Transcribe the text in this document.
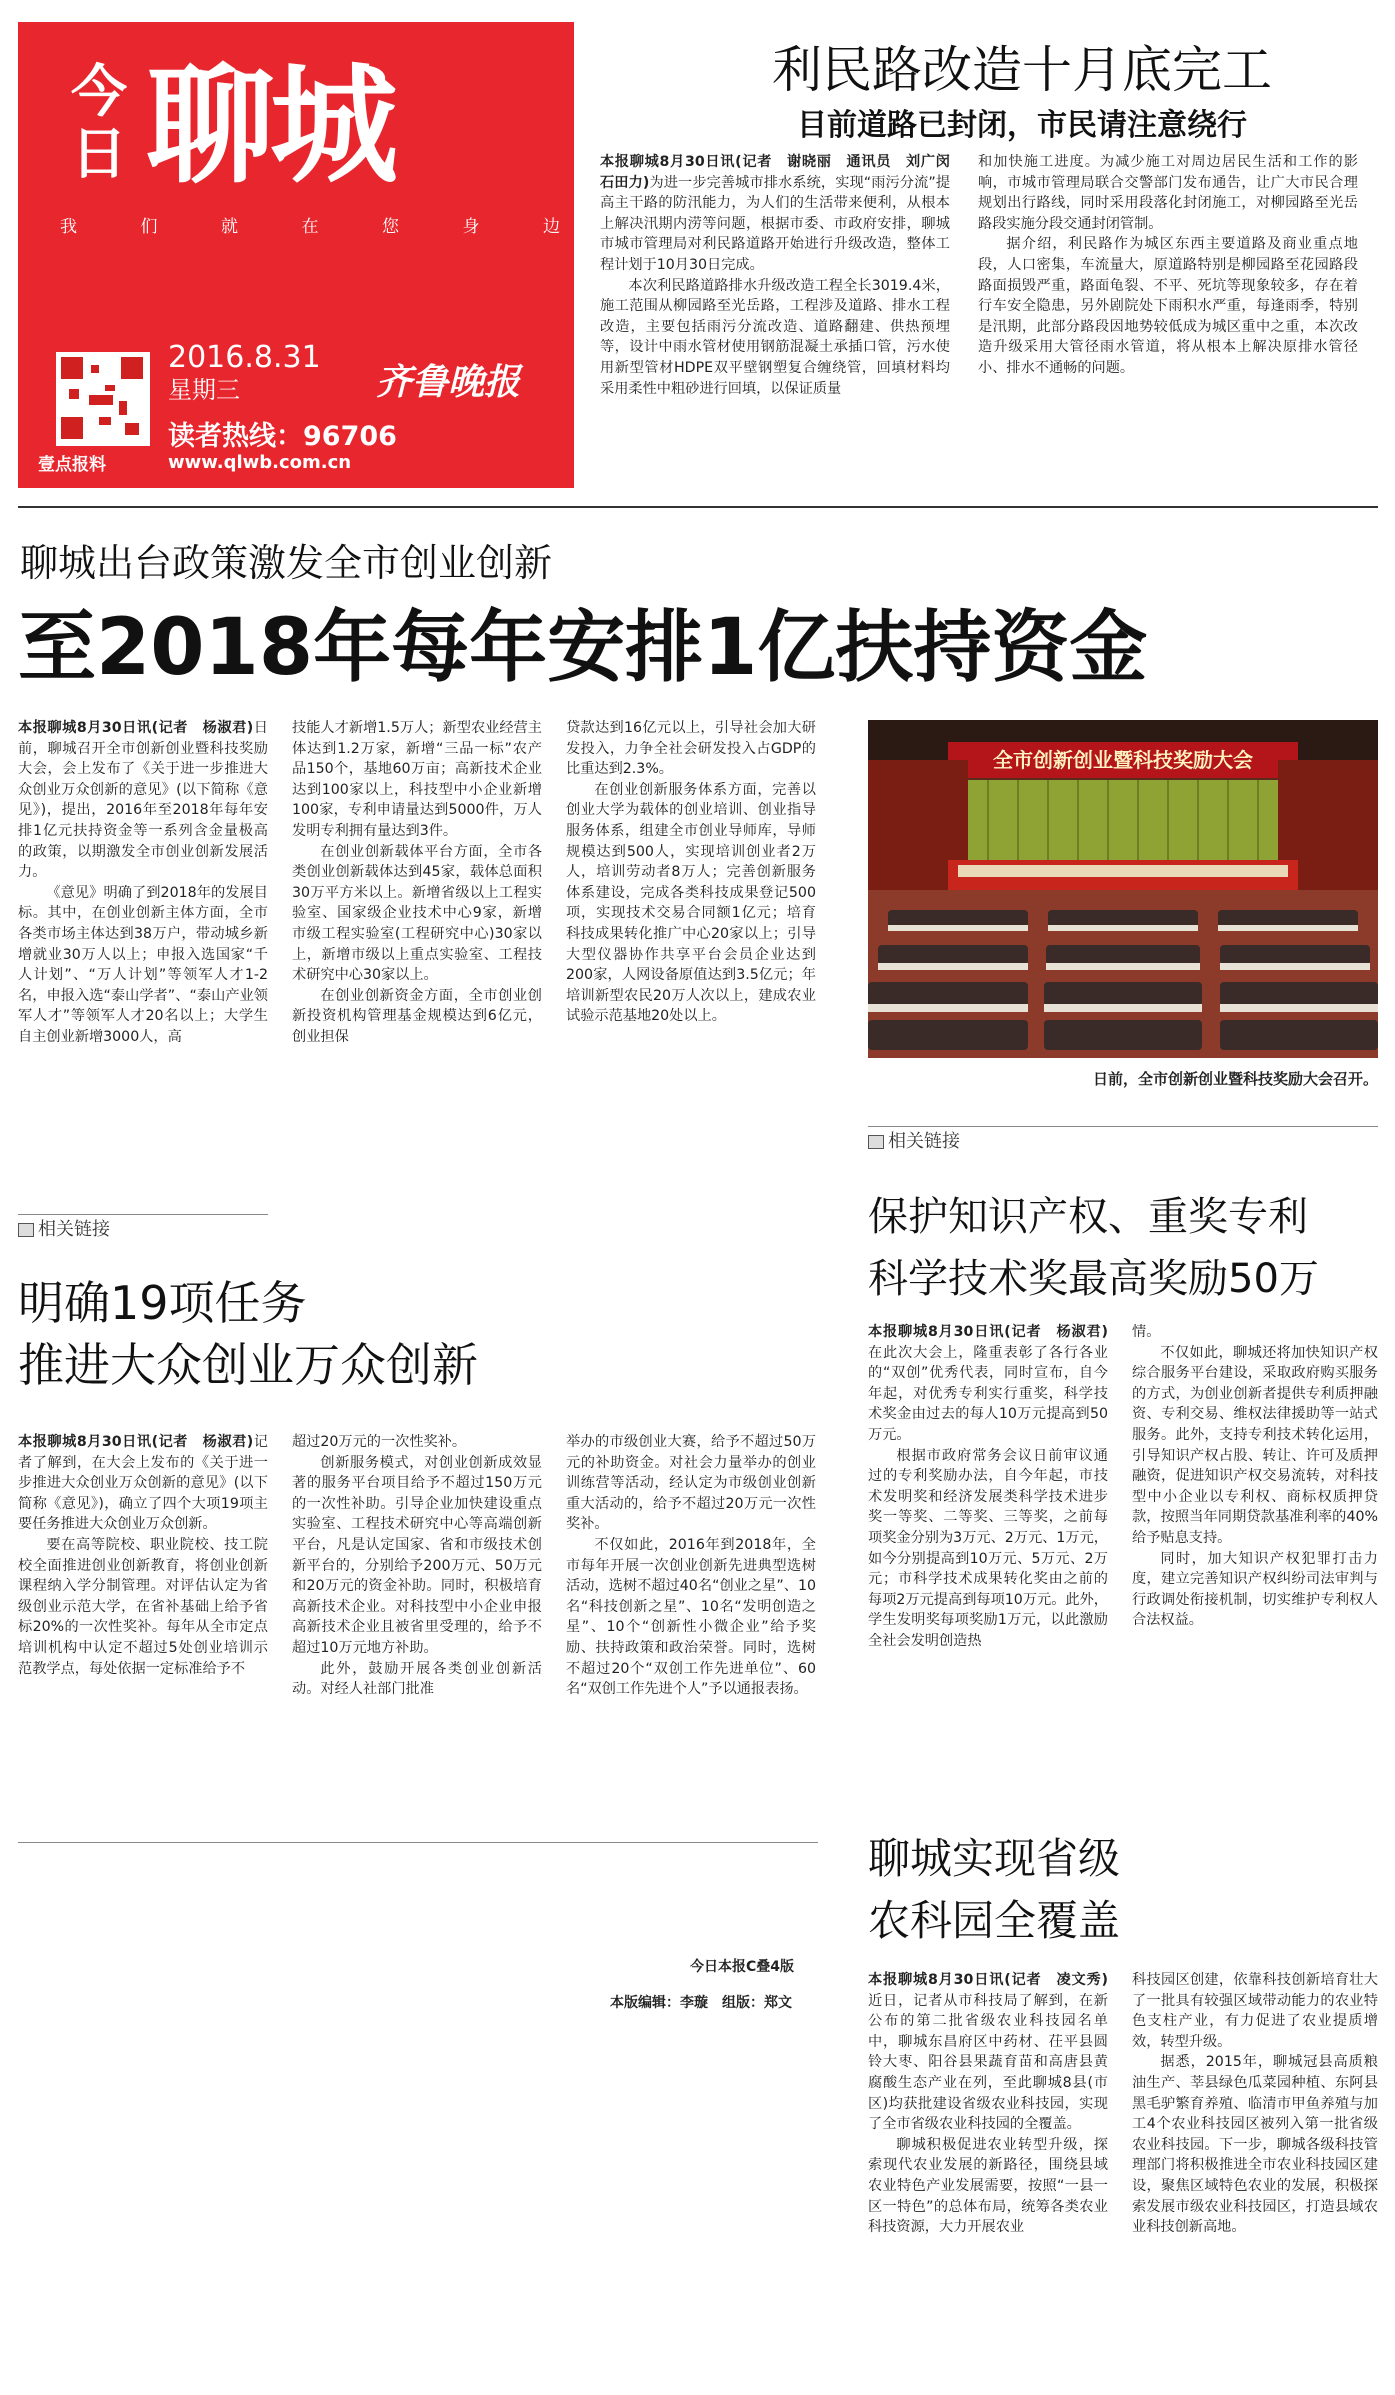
今日 聊城
我	们	就	在	您	身	边
壹点报料
2016.8.31
星期三	齐鲁晚报
读者热线：96706
www.qlwb.com.cn
利民路改造十月底完工
目前道路已封闭，市民请注意绕行

本报聊城8月30日讯(记者　谢晓丽　通讯员　刘广闵　石田力)为进一步完善城市排水系统，实现“雨污分流”提高主干路的防汛能力，为人们的生活带来便利，从根本上解决汛期内涝等问题，根据市委、市政府安排，聊城市城市管理局对利民路道路开始进行升级改造，整体工程计划于10月30日完成。

本次利民路道路排水升级改造工程全长3019.4米，施工范围从柳园路至光岳路，工程涉及道路、排水工程改造，主要包括雨污分流改造、道路翻建、供热预埋等，设计中雨水管材使用钢筋混凝土承插口管，污水使用新型管材HDPE双平壁钢塑复合缠绕管，回填材料均采用柔性中粗砂进行回填，以保证质量

和加快施工进度。为减少施工对周边居民生活和工作的影响，市城市管理局联合交警部门发布通告，让广大市民合理规划出行路线，同时采用段落化封闭施工，对柳园路至光岳路段实施分段交通封闭管制。

据介绍，利民路作为城区东西主要道路及商业重点地段，人口密集，车流量大，原道路特别是柳园路至花园路段路面损毁严重，路面龟裂、不平、死坑等现象较多，存在着行车安全隐患，另外剧院处下雨积水严重，每逢雨季，特别是汛期，此部分路段因地势较低成为城区重中之重，本次改造升级采用大管径雨水管道，将从根本上解决原排水管径小、排水不通畅的问题。

聊城出台政策激发全市创业创新
至2018年每年安排1亿扶持资金

本报聊城8月30日讯(记者　杨淑君)日前，聊城召开全市创新创业暨科技奖励大会，会上发布了《关于进一步推进大众创业万众创新的意见》(以下简称《意见》)，提出，2016年至2018年每年安排1亿元扶持资金等一系列含金量极高的政策，以期激发全市创业创新发展活力。

《意见》明确了到2018年的发展目标。其中，在创业创新主体方面，全市各类市场主体达到38万户，带动城乡新增就业30万人以上；申报入选国家“千人计划”、“万人计划”等领军人才1-2名，申报入选“泰山学者”、“泰山产业领军人才”等领军人才20名以上；大学生自主创业新增3000人，高

技能人才新增1.5万人；新型农业经营主体达到1.2万家，新增“三品一标”农产品150个，基地60万亩；高新技术企业达到100家以上，科技型中小企业新增100家，专利申请量达到5000件，万人发明专利拥有量达到3件。

在创业创新载体平台方面，全市各类创业创新载体达到45家，载体总面积30万平方米以上。新增省级以上工程实验室、国家级企业技术中心9家，新增市级工程实验室(工程研究中心)30家以上，新增市级以上重点实验室、工程技术研究中心30家以上。

在创业创新资金方面，全市创业创新投资机构管理基金规模达到6亿元，创业担保

贷款达到16亿元以上，引导社会加大研发投入，力争全社会研发投入占GDP的比重达到2.3%。

在创业创新服务体系方面，完善以创业大学为载体的创业培训、创业指导服务体系，组建全市创业导师库，导师规模达到500人，实现培训创业者2万人，培训劳动者8万人；完善创新服务体系建设，完成各类科技成果登记500项，实现技术交易合同额1亿元；培育科技成果转化推广中心20家以上；引导大型仪器协作共享平台会员企业达到200家，人网设备原值达到3.5亿元；年培训新型农民20万人次以上，建成农业试验示范基地20处以上。

全市创新创业暨科技奖励大会
日前，全市创新创业暨科技奖励大会召开。
相关链接
保护知识产权、重奖专利
科学技术奖最高奖励50万

本报聊城8月30日讯(记者　杨淑君)在此次大会上，隆重表彰了各行各业的“双创”优秀代表，同时宣布，自今年起，对优秀专利实行重奖，科学技术奖金由过去的每人10万元提高到50万元。

根据市政府常务会议日前审议通过的专利奖励办法，自今年起，市技术发明奖和经济发展类科学技术进步奖一等奖、二等奖、三等奖，之前每项奖金分别为3万元、2万元、1万元，如今分别提高到10万元、5万元、2万元；市科学技术成果转化奖由之前的每项2万元提高到每项10万元。此外，学生发明奖每项奖励1万元，以此激励全社会发明创造热

情。

不仅如此，聊城还将加快知识产权综合服务平台建设，采取政府购买服务的方式，为创业创新者提供专利质押融资、专利交易、维权法律援助等一站式服务。此外，支持专利技术转化运用，引导知识产权占股、转让、许可及质押融资，促进知识产权交易流转，对科技型中小企业以专利权、商标权质押贷款，按照当年同期贷款基准利率的40%给予贴息支持。

同时，加大知识产权犯罪打击力度，建立完善知识产权纠纷司法审判与行政调处衔接机制，切实维护专利权人合法权益。

相关链接
明确19项任务
推进大众创业万众创新

本报聊城8月30日讯(记者　杨淑君)记者了解到，在大会上发布的《关于进一步推进大众创业万众创新的意见》(以下简称《意见》)，确立了四个大项19项主要任务推进大众创业万众创新。

要在高等院校、职业院校、技工院校全面推进创业创新教育，将创业创新课程纳入学分制管理。对评估认定为省级创业示范大学，在省补基础上给予省标20%的一次性奖补。每年从全市定点培训机构中认定不超过5处创业培训示范教学点，每处依据一定标准给予不

超过20万元的一次性奖补。

创新服务模式，对创业创新成效显著的服务平台项目给予不超过150万元的一次性补助。引导企业加快建设重点实验室、工程技术研究中心等高端创新平台，凡是认定国家、省和市级技术创新平台的，分别给予200万元、50万元和20万元的资金补助。同时，积极培育高新技术企业。对科技型中小企业申报高新技术企业且被省里受理的，给予不超过10万元地方补助。

此外，鼓励开展各类创业创新活动。对经人社部门批准

举办的市级创业大赛，给予不超过50万元的补助资金。对社会力量举办的创业训练营等活动，经认定为市级创业创新重大活动的，给予不超过20万元一次性奖补。

不仅如此，2016年到2018年，全市每年开展一次创业创新先进典型选树活动，选树不超过40名“创业之星”、10名“科技创新之星”、10名“发明创造之星”、10个“创新性小微企业”给予奖励、扶持政策和政治荣誉。同时，选树不超过20个“双创工作先进单位”、60名“双创工作先进个人”予以通报表扬。

今日本报C叠4版
本版编辑：李璇　组版：郑文
聊城实现省级
农科园全覆盖

本报聊城8月30日讯(记者　凌文秀)近日，记者从市科技局了解到，在新公布的第二批省级农业科技园名单中，聊城东昌府区中药材、茌平县圆铃大枣、阳谷县果蔬育苗和高唐县黄腐酸生态产业在列，至此聊城8县(市区)均获批建设省级农业科技园，实现了全市省级农业科技园的全覆盖。

聊城积极促进农业转型升级，探索现代农业发展的新路径，围绕县域农业特色产业发展需要，按照“一县一区一特色”的总体布局，统筹各类农业科技资源，大力开展农业

科技园区创建，依靠科技创新培育壮大了一批具有较强区域带动能力的农业特色支柱产业，有力促进了农业提质增效，转型升级。

据悉，2015年，聊城冠县高质粮油生产、莘县绿色瓜菜园种植、东阿县黑毛驴繁育养殖、临清市甲鱼养殖与加工4个农业科技园区被列入第一批省级农业科技园。下一步，聊城各级科技管理部门将积极推进全市农业科技园区建设，聚焦区域特色农业的发展，积极探索发展市级农业科技园区，打造县域农业科技创新高地。
